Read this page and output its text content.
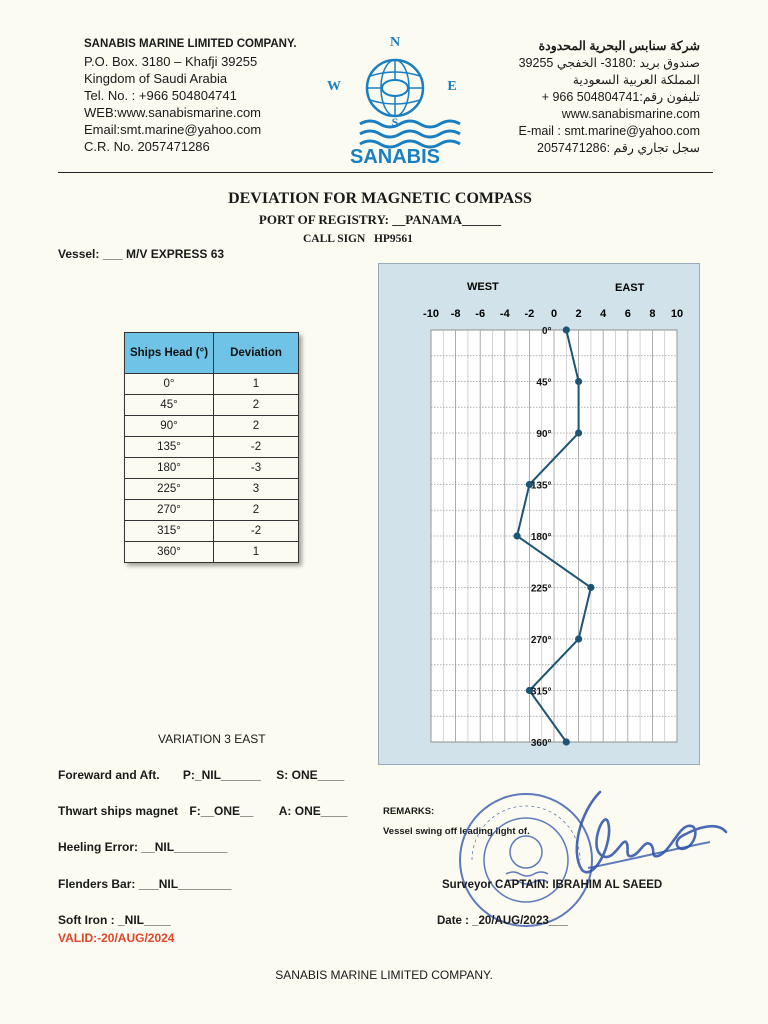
SANABIS MARINE LIMITED COMPANY.
P.O. Box. 3180 – Khafji 39255
Kingdom of Saudi Arabia
Tel. No. : +966 504804741
WEB:www.sanabismarine.com
Email:smt.marine@yahoo.com
C.R. No. 2057471286
N
W	E
S
SANABIS
شركة سنابس البحرية المحدودة
صندوق بريد :3180- الخفجي 39255
المملكة العربية السعودية
تليفون رقم:504804741 966 +
www.sanabismarine.com
E-mail : smt.marine@yahoo.com
سجل تجاري رقم :2057471286
DEVIATION FOR MAGNETIC COMPASS
PORT OF REGISTRY: __PANAMA______
CALL SIGN HP9561
Vessel: ___ M/V EXPRESS 63
Ships Head (°)	Deviation
0°	1
45°	2
90°	2
135°	-2
180°	-3
225°	3
270°	2
315°	-2
360°	1
WEST	EAST
-10 -8 -6 -4 -2 0 2 4 6 8 10
0°
45°
90°
135°
180°
225°
270°
315°
360°
VARIATION 3 EAST
Foreward and Aft. P:_NIL______ S: ONE____
Thwart ships magnet F:__ONE__ A: ONE____
Heeling Error: __NIL________
Flenders Bar: ___NIL________
Soft Iron : _NIL____
VALID:-20/AUG/2024
REMARKS:
Vessel swing off leading light of.
Surveyor CAPTAIN: IBRAHIM AL SAEED
Date : _20/AUG/2023___
SANABIS MARINE LIMITED COMPANY.
